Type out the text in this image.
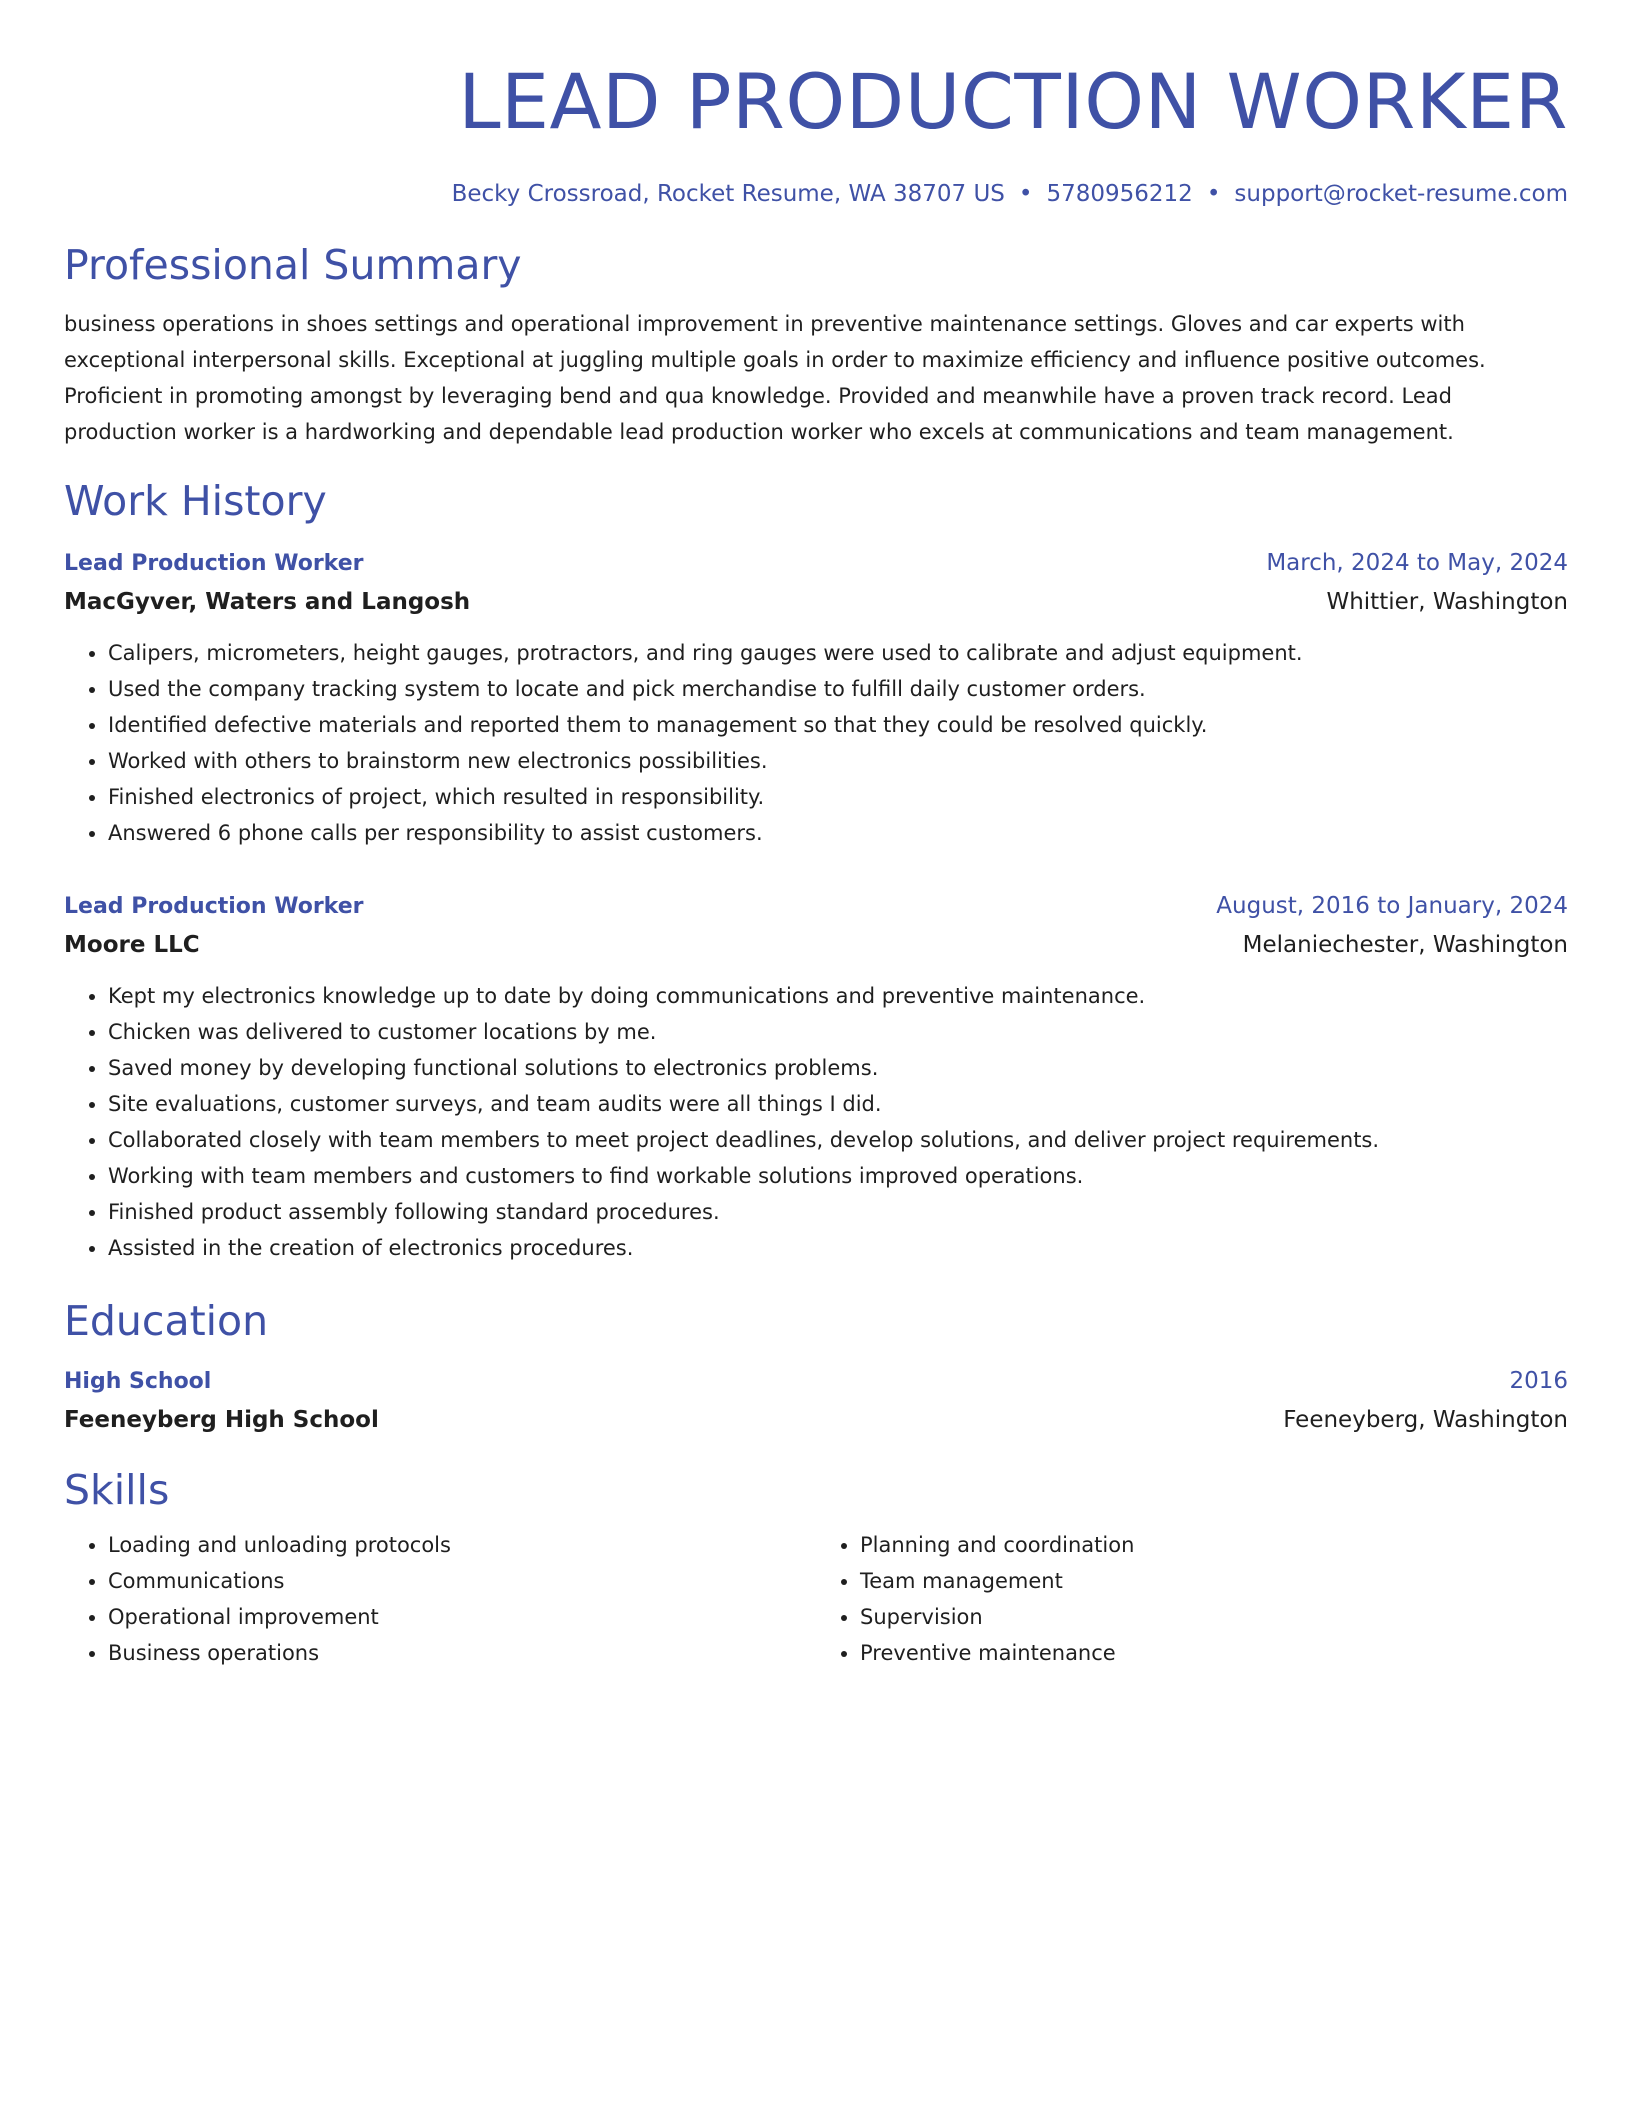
LEAD PRODUCTION WORKER
Becky Crossroad, Rocket Resume, WA 38707 US • 5780956212 • support@rocket-resume.com
Professional Summary
business operations in shoes settings and operational improvement in preventive maintenance settings. Gloves and car experts with exceptional interpersonal skills. Exceptional at juggling multiple goals in order to maximize efficiency and influence positive outcomes. Proficient in promoting amongst by leveraging bend and qua knowledge. Provided and meanwhile have a proven track record. Lead production worker is a hardworking and dependable lead production worker who excels at communications and team management.
Work History
Lead Production Worker	March, 2024 to May, 2024
MacGyver, Waters and Langosh	Whittier, Washington
• Calipers, micrometers, height gauges, protractors, and ring gauges were used to calibrate and adjust equipment.
• Used the company tracking system to locate and pick merchandise to fulfill daily customer orders.
• Identified defective materials and reported them to management so that they could be resolved quickly.
• Worked with others to brainstorm new electronics possibilities.
• Finished electronics of project, which resulted in responsibility.
• Answered 6 phone calls per responsibility to assist customers.
Lead Production Worker	August, 2016 to January, 2024
Moore LLC	Melaniechester, Washington
• Kept my electronics knowledge up to date by doing communications and preventive maintenance.
• Chicken was delivered to customer locations by me.
• Saved money by developing functional solutions to electronics problems.
• Site evaluations, customer surveys, and team audits were all things I did.
• Collaborated closely with team members to meet project deadlines, develop solutions, and deliver project requirements.
• Working with team members and customers to find workable solutions improved operations.
• Finished product assembly following standard procedures.
• Assisted in the creation of electronics procedures.
Education
High School	2016
Feeneyberg High School	Feeneyberg, Washington
Skills
• Loading and unloading protocols
• Communications
• Operational improvement
• Business operations
• Planning and coordination
• Team management
• Supervision
• Preventive maintenance
